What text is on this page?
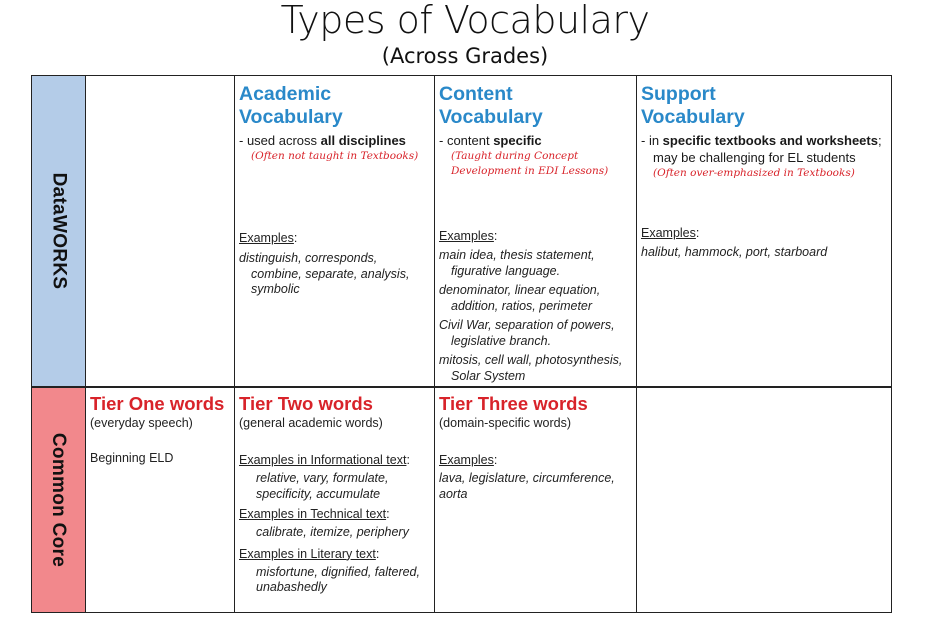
Types of Vocabulary
(Across Grades)
DataWORKS
Common Core
Academic
Vocabulary
- used across all disciplines
(Often not taught in Textbooks)
Examples:
distinguish, corresponds, combine, separate, analysis, symbolic
Content
Vocabulary
- content specific
(Taught during Concept
Development in EDI Lessons)
Examples:
main idea, thesis statement, figurative language.
denominator, linear equation, addition, ratios, perimeter
Civil War, separation of powers, legislative branch.
mitosis, cell wall, photosynthesis, Solar System
Support
Vocabulary
- in specific textbooks and worksheets; may be challenging for EL students
(Often over-emphasized in Textbooks)
Examples:
halibut, hammock, port, starboard
Tier One words
(everyday speech)
Beginning ELD
Tier Two words
(general academic words)
Examples in Informational text:
relative, vary, formulate, specificity, accumulate
Examples in Technical text:
calibrate, itemize, periphery
Examples in Literary text:
misfortune, dignified, faltered, unabashedly
Tier Three words
(domain-specific words)
Examples:
lava, legislature, circumference, aorta
